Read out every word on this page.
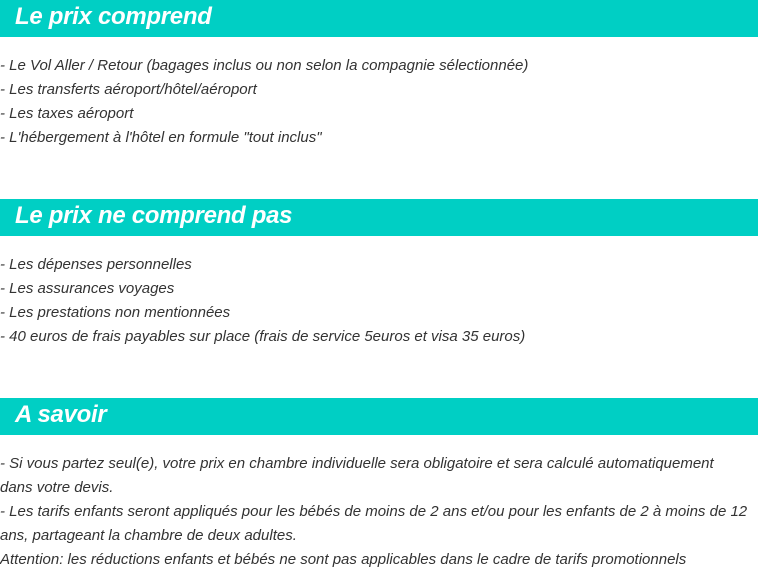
Le prix comprend
- Le Vol Aller / Retour (bagages inclus ou non selon la compagnie sélectionnée)
- Les transferts aéroport/hôtel/aéroport
- Les taxes aéroport
- L'hébergement à l'hôtel en formule "tout inclus"
Le prix ne comprend pas
- Les dépenses personnelles
- Les assurances voyages
- Les prestations non mentionnées
- 40 euros de frais payables sur place (frais de service 5euros et visa 35 euros)
A savoir
- Si vous partez seul(e), votre prix en chambre individuelle sera obligatoire et sera calculé automatiquement dans votre devis.
- Les tarifs enfants seront appliqués pour les bébés de moins de 2 ans et/ou pour les enfants de 2 à moins de 12 ans, partageant la chambre de deux adultes.
Attention: les réductions enfants et bébés ne sont pas applicables dans le cadre de tarifs promotionnels
